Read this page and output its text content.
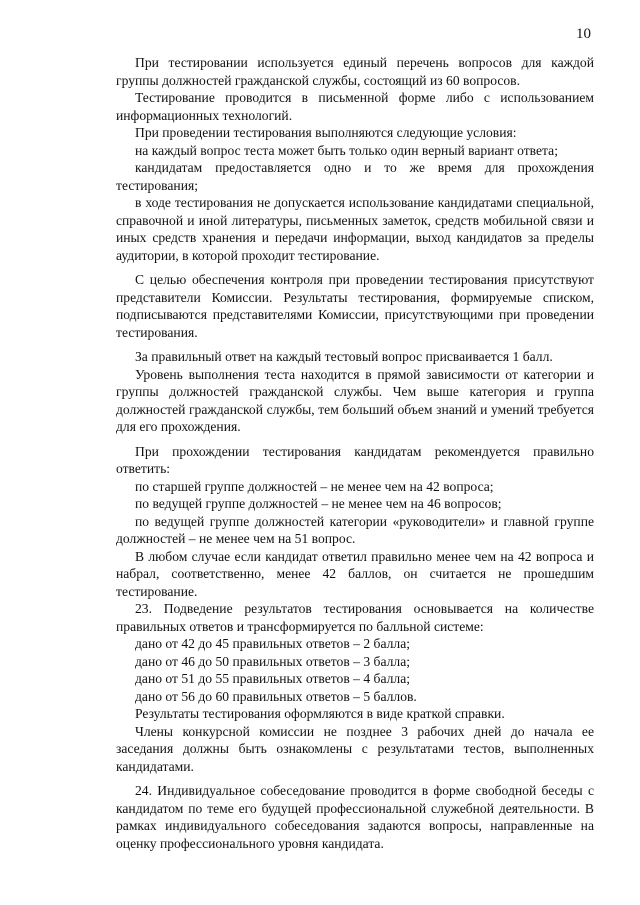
10

При тестировании используется единый перечень вопросов для каждой группы должностей гражданской службы, состоящий из 60 вопросов.

Тестирование проводится в письменной форме либо с использованием информационных технологий.

При проведении тестирования выполняются следующие условия:

на каждый вопрос теста может быть только один верный вариант ответа;

кандидатам предоставляется одно и то же время для прохождения тестирования;

в ходе тестирования не допускается использование кандидатами специальной, справочной и иной литературы, письменных заметок, средств мобильной связи и иных средств хранения и передачи информации, выход кандидатов за пределы аудитории, в которой проходит тестирование.

С целью обеспечения контроля при проведении тестирования присутствуют представители Комиссии. Результаты тестирования, формируемые списком, подписываются представителями Комиссии, присутствующими при проведении тестирования.

За правильный ответ на каждый тестовый вопрос присваивается 1 балл.

Уровень выполнения теста находится в прямой зависимости от категории и группы должностей гражданской службы. Чем выше категория и группа должностей гражданской службы, тем больший объем знаний и умений требуется для его прохождения.

При прохождении тестирования кандидатам рекомендуется правильно ответить:

по старшей группе должностей – не менее чем на 42 вопроса;

по ведущей группе должностей – не менее чем на 46 вопросов;

по ведущей группе должностей категории «руководители» и главной группе должностей – не менее чем на 51 вопрос.

В любом случае если кандидат ответил правильно менее чем на 42 вопроса и набрал, соответственно, менее 42 баллов, он считается не прошедшим тестирование.

23. Подведение результатов тестирования основывается на количестве правильных ответов и трансформируется по балльной системе:

дано от 42 до 45 правильных ответов – 2 балла;

дано от 46 до 50 правильных ответов – 3 балла;

дано от 51 до 55 правильных ответов – 4 балла;

дано от 56 до 60 правильных ответов – 5 баллов.

Результаты тестирования оформляются в виде краткой справки.

Члены конкурсной комиссии не позднее 3 рабочих дней до начала ее заседания должны быть ознакомлены с результатами тестов, выполненных кандидатами.

24. Индивидуальное собеседование проводится в форме свободной беседы с кандидатом по теме его будущей профессиональной служебной деятельности. В рамках индивидуального собеседования задаются вопросы, направленные на оценку профессионального уровня кандидата.
